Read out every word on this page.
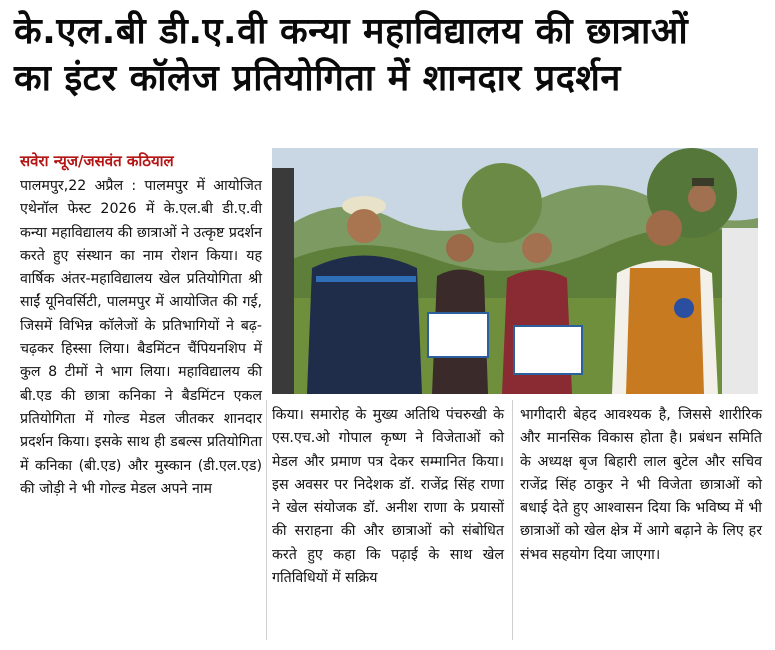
के.एल.बी डी.ए.वी कन्या महाविद्यालय की छात्राओं
का इंटर कॉलेज प्रतियोगिता में शानदार प्रदर्शन
सवेरा न्यूज/जसवंत कठियाल

पालमपुर,22 अप्रैल : पालमपुर में आयोजित एथेनॉल फेस्ट 2026 में के.एल.बी डी.ए.वी कन्या महाविद्यालय की छात्राओं ने उत्कृष्ट प्रदर्शन करते हुए संस्थान का नाम रोशन किया। यह वार्षिक अंतर-महाविद्यालय खेल प्रतियोगिता श्री साईं यूनिवर्सिटी, पालमपुर में आयोजित की गई, जिसमें विभिन्न कॉलेजों के प्रतिभागियों ने बढ़-चढ़कर हिस्सा लिया। बैडमिंटन चैंपियनशिप में कुल 8 टीमों ने भाग लिया। महाविद्यालय की बी.एड की छात्रा कनिका ने बैडमिंटन एकल प्रतियोगिता में गोल्ड मेडल जीतकर शानदार प्रदर्शन किया। इसके साथ ही डबल्स प्रतियोगिता में कनिका (बी.एड) और मुस्कान (डी.एल.एड) की जोड़ी ने भी गोल्ड मेडल अपने नाम

किया। समारोह के मुख्य अतिथि पंचरुखी के एस.एच.ओ गोपाल कृष्ण ने विजेताओं को मेडल और प्रमाण पत्र देकर सम्मानित किया। इस अवसर पर निदेशक डॉ. राजेंद्र सिंह राणा ने खेल संयोजक डॉ. अनीश राणा के प्रयासों की सराहना की और छात्राओं को संबोधित करते हुए कहा कि पढ़ाई के साथ खेल गतिविधियों में सक्रिय

भागीदारी बेहद आवश्यक है, जिससे शारीरिक और मानसिक विकास होता है। प्रबंधन समिति के अध्यक्ष बृज बिहारी लाल बुटेल और सचिव राजेंद्र सिंह ठाकुर ने भी विजेता छात्राओं को बधाई देते हुए आश्वासन दिया कि भविष्य में भी छात्राओं को खेल क्षेत्र में आगे बढ़ाने के लिए हर संभव सहयोग दिया जाएगा।
